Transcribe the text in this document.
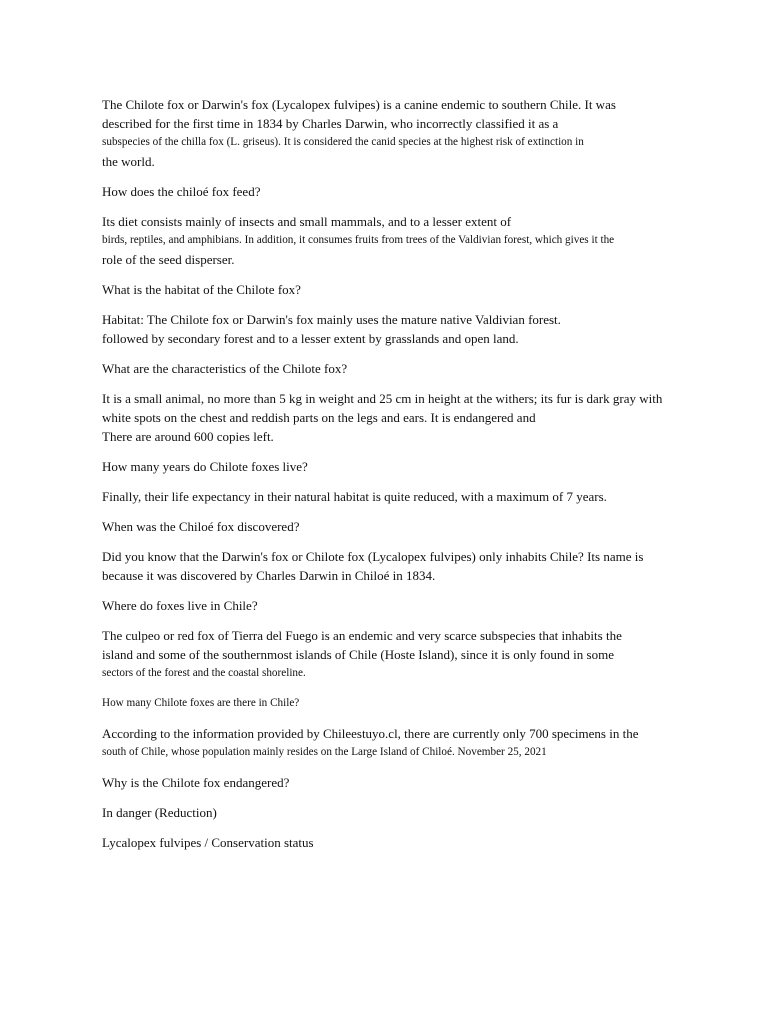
The Chilote fox or Darwin's fox (Lycalopex fulvipes) is a canine endemic to southern Chile. It was
described for the first time in 1834 by Charles Darwin, who incorrectly classified it as a
subspecies of the chilla fox (L. griseus). It is considered the canid species at the highest risk of extinction in
the world.
How does the chiloé fox feed?
Its diet consists mainly of insects and small mammals, and to a lesser extent of
birds, reptiles, and amphibians. In addition, it consumes fruits from trees of the Valdivian forest, which gives it the
role of the seed disperser.
What is the habitat of the Chilote fox?
Habitat: The Chilote fox or Darwin's fox mainly uses the mature native Valdivian forest.
followed by secondary forest and to a lesser extent by grasslands and open land.
What are the characteristics of the Chilote fox?
It is a small animal, no more than 5 kg in weight and 25 cm in height at the withers; its fur is dark gray with
white spots on the chest and reddish parts on the legs and ears. It is endangered and
There are around 600 copies left.
How many years do Chilote foxes live?
Finally, their life expectancy in their natural habitat is quite reduced, with a maximum of 7 years.
When was the Chiloé fox discovered?
Did you know that the Darwin's fox or Chilote fox (Lycalopex fulvipes) only inhabits Chile? Its name is
because it was discovered by Charles Darwin in Chiloé in 1834.
Where do foxes live in Chile?
The culpeo or red fox of Tierra del Fuego is an endemic and very scarce subspecies that inhabits the
island and some of the southernmost islands of Chile (Hoste Island), since it is only found in some
sectors of the forest and the coastal shoreline.
How many Chilote foxes are there in Chile?
According to the information provided by Chileestuyo.cl, there are currently only 700 specimens in the
south of Chile, whose population mainly resides on the Large Island of Chiloé. November 25, 2021
Why is the Chilote fox endangered?
In danger (Reduction)
Lycalopex fulvipes / Conservation status
